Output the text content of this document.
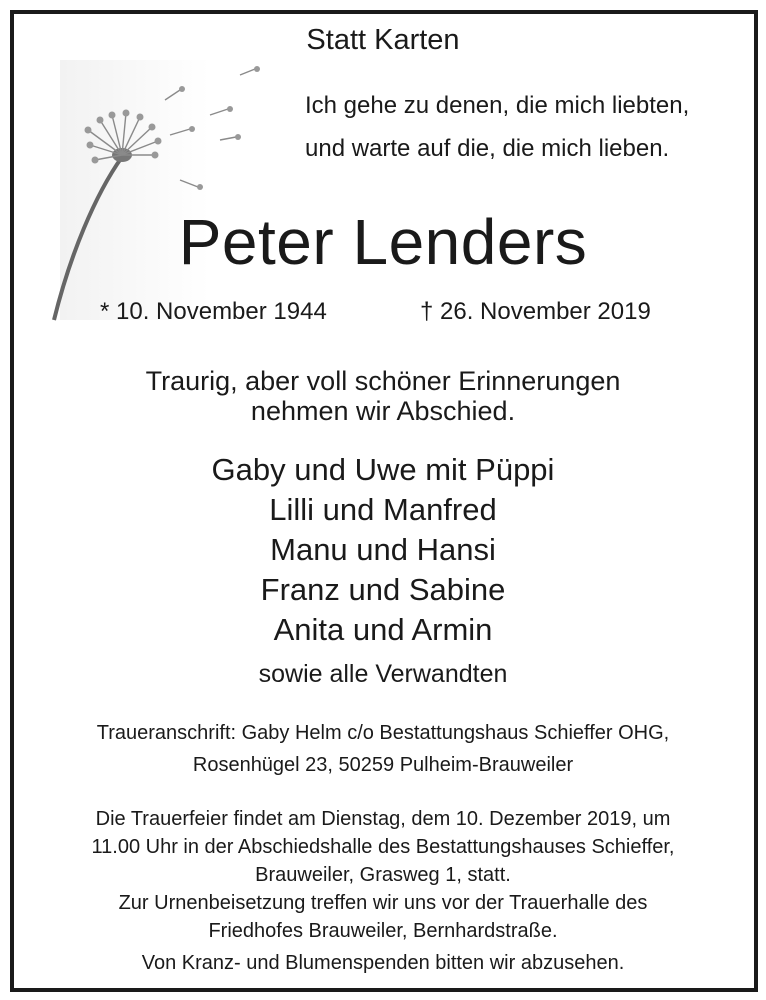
Statt Karten
Ich gehe zu denen, die mich liebten,
und warte auf die, die mich lieben.
Peter Lenders
* 10. November 1944	† 26. November 2019
Traurig, aber voll schöner Erinnerungen
nehmen wir Abschied.
Gaby und Uwe mit Püppi
Lilli und Manfred
Manu und Hansi
Franz und Sabine
Anita und Armin
sowie alle Verwandten
Traueranschrift: Gaby Helm c/o Bestattungshaus Schieffer OHG,
Rosenhügel 23, 50259 Pulheim-Brauweiler
Die Trauerfeier findet am Dienstag, dem 10. Dezember 2019, um
11.00 Uhr in der Abschiedshalle des Bestattungshauses Schieffer,
Brauweiler, Grasweg 1, statt.
Zur Urnenbeisetzung treffen wir uns vor der Trauerhalle des
Friedhofes Brauweiler, Bernhardstraße.
Von Kranz- und Blumenspenden bitten wir abzusehen.
